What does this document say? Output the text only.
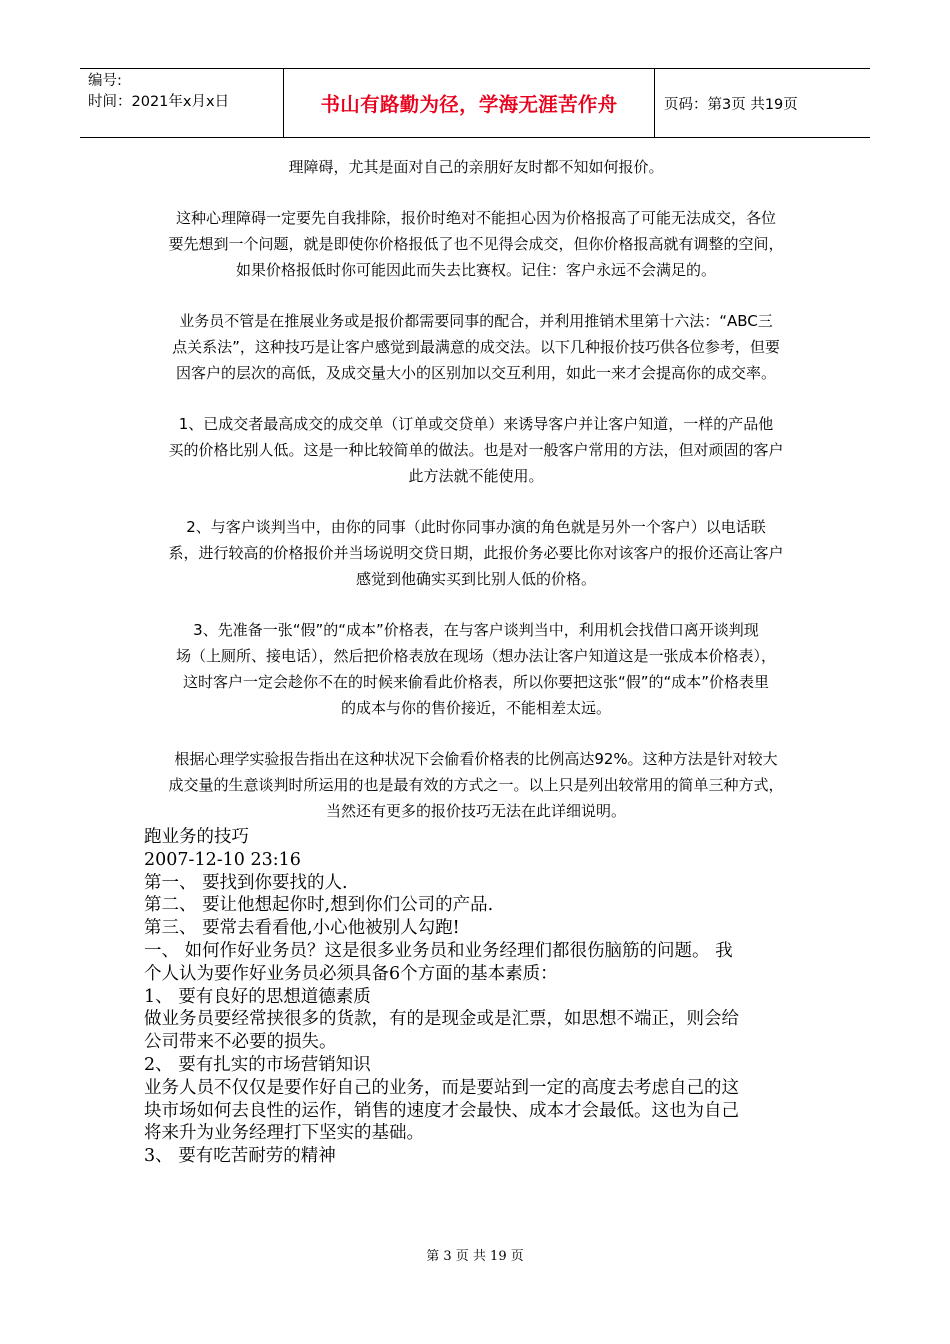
编号:
时间：2021年x月x日	书山有路勤为径，学海无涯苦作舟	页码：第3页 共19页

理障碍，尤其是面对自己的亲朋好友时都不知如何报价。

这种心理障碍一定要先自我排除，报价时绝对不能担心因为价格报高了可能无法成交，各位
要先想到一个问题，就是即使你价格报低了也不见得会成交，但你价格报高就有调整的空间，
如果价格报低时你可能因此而失去比赛权。记住：客户永远不会满足的。

业务员不管是在推展业务或是报价都需要同事的配合，并利用推销术里第十六法：“ABC三
点关系法”，这种技巧是让客户感觉到最满意的成交法。以下几种报价技巧供各位参考，但要
因客户的层次的高低，及成交量大小的区别加以交互利用，如此一来才会提高你的成交率。

1、已成交者最高成交的成交单（订单或交贷单）来诱导客户并让客户知道，一样的产品他
买的价格比别人低。这是一种比较简单的做法。也是对一般客户常用的方法，但对顽固的客户
此方法就不能使用。

2、与客户谈判当中，由你的同事（此时你同事办演的角色就是另外一个客户）以电话联
系，进行较高的价格报价并当场说明交贷日期，此报价务必要比你对该客户的报价还高让客户
感觉到他确实买到比别人低的价格。

3、先准备一张“假”的“成本”价格表，在与客户谈判当中，利用机会找借口离开谈判现
场（上厕所、接电话），然后把价格表放在现场（想办法让客户知道这是一张成本价格表），
这时客户一定会趁你不在的时候来偷看此价格表，所以你要把这张“假”的“成本”价格表里
的成本与你的售价接近，不能相差太远。

根据心理学实验报告指出在这种状况下会偷看价格表的比例高达92%。这种方法是针对较大
成交量的生意谈判时所运用的也是最有效的方式之一。以上只是列出较常用的简单三种方式，
当然还有更多的报价技巧无法在此详细说明。

跑业务的技巧

2007-12-10 23:16

第一、 要找到你要找的人.

第二、 要让他想起你时,想到你们公司的产品.

第三、 要常去看看他,小心他被别人勾跑!

一、 如何作好业务员？这是很多业务员和业务经理们都很伤脑筋的问题。 我

个人认为要作好业务员必须具备6个方面的基本素质：

1、 要有良好的思想道德素质

做业务员要经常挟很多的货款，有的是现金或是汇票，如思想不端正，则会给

公司带来不必要的损失。

2、 要有扎实的市场营销知识

业务人员不仅仅是要作好自己的业务，而是要站到一定的高度去考虑自己的这

块市场如何去良性的运作，销售的速度才会最快、成本才会最低。这也为自己

将来升为业务经理打下坚实的基础。

3、 要有吃苦耐劳的精神

第 3 页 共 19 页
